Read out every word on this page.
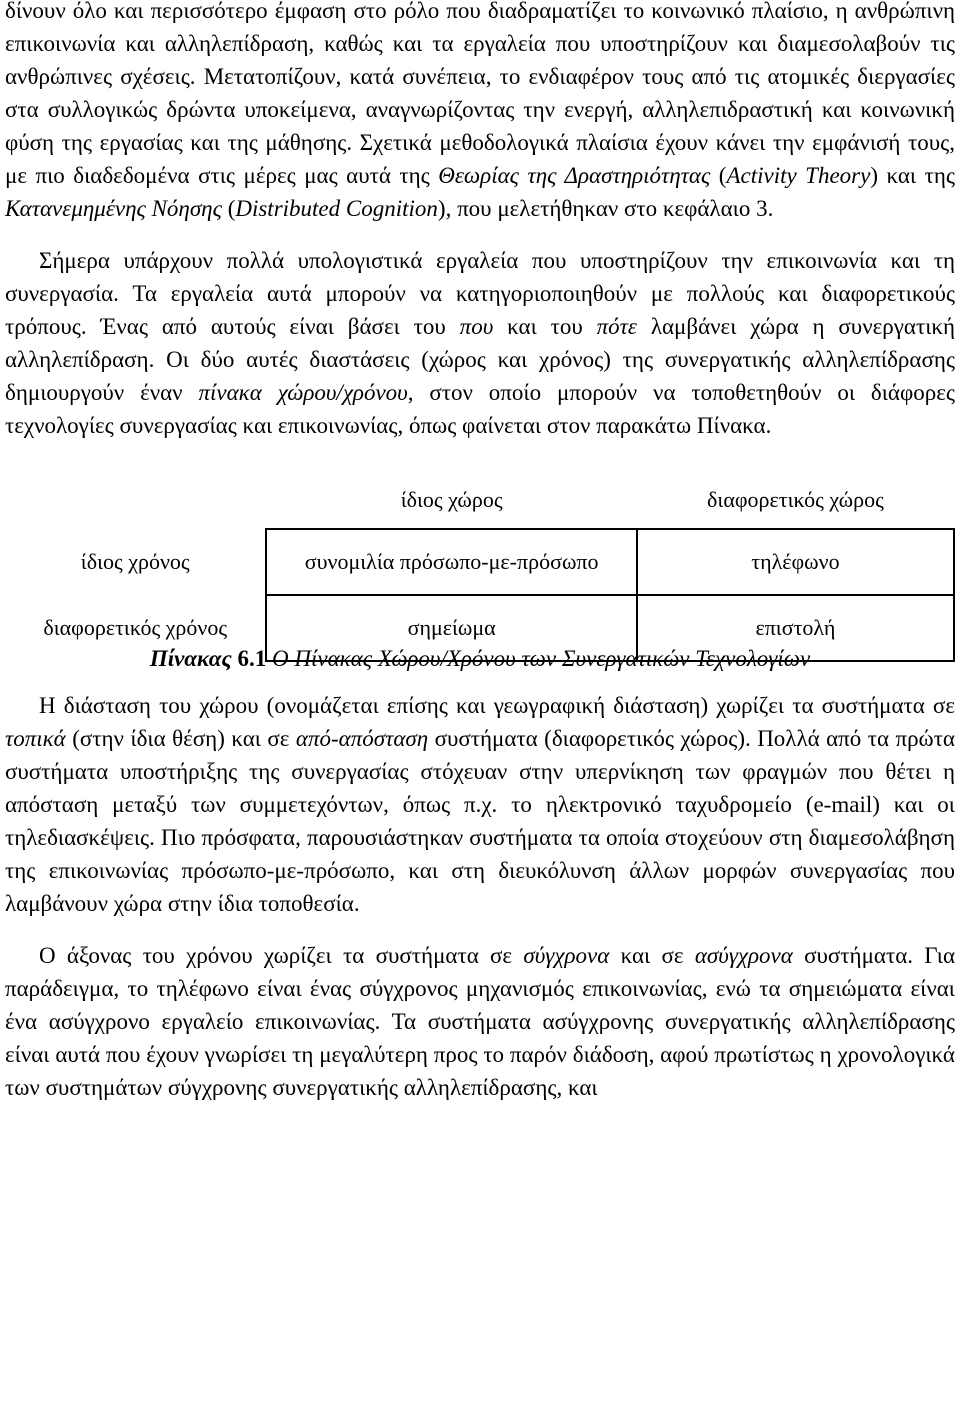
δίνουν όλο και περισσότερο έμφαση στο ρόλο που διαδραματίζει το κοινωνικό πλαίσιο, η ανθρώπινη επικοινωνία και αλληλεπίδραση, καθώς και τα εργαλεία που υποστηρίζουν και διαμεσολαβούν τις ανθρώπινες σχέσεις. Μετατοπίζουν, κατά συνέπεια, το ενδιαφέρον τους από τις ατομικές διεργασίες στα συλλογικώς δρώντα υποκείμενα, αναγνωρίζοντας την ενεργή, αλληλεπιδραστική και κοινωνική φύση της εργασίας και της μάθησης. Σχετικά μεθοδολογικά πλαίσια έχουν κάνει την εμφάνισή τους, με πιο διαδεδομένα στις μέρες μας αυτά της Θεωρίας της Δραστηριότητας (Activity Theory) και της Κατανεμημένης Νόησης (Distributed Cognition), που μελετήθηκαν στο κεφάλαιο 3.

Σήμερα υπάρχουν πολλά υπολογιστικά εργαλεία που υποστηρίζουν την επικοινωνία και τη συνεργασία. Τα εργαλεία αυτά μπορούν να κατηγοριοποιηθούν με πολλούς και διαφορετικούς τρόπους. Ένας από αυτούς είναι βάσει του που και του πότε λαμβάνει χώρα η συνεργατική αλληλεπίδραση. Οι δύο αυτές διαστάσεις (χώρος και χρόνος) της συνεργατικής αλληλεπίδρασης δημιουργούν έναν πίνακα χώρου/χρόνου, στον οποίο μπορούν να τοποθετηθούν οι διάφορες τεχνολογίες συνεργασίας και επικοινωνίας, όπως φαίνεται στον παρακάτω Πίνακα.

	ίδιος χώρος	διαφορετικός χώρος
ίδιος χρόνος	συνομιλία πρόσωπο-με-πρόσωπο	τηλέφωνο
διαφορετικός χρόνος	σημείωμα	επιστολή
Πίνακας 6.1 Ο Πίνακας Χώρου/Χρόνου των Συνεργατικών Τεχνολογίων

Η διάσταση του χώρου (ονομάζεται επίσης και γεωγραφική διάσταση) χωρίζει τα συστήματα σε τοπικά (στην ίδια θέση) και σε από-απόσταση συστήματα (διαφορετικός χώρος). Πολλά από τα πρώτα συστήματα υποστήριξης της συνεργασίας στόχευαν στην υπερνίκηση των φραγμών που θέτει η απόσταση μεταξύ των συμμετεχόντων, όπως π.χ. το ηλεκτρονικό ταχυδρομείο (e-mail) και οι τηλεδιασκέψεις. Πιο πρόσφατα, παρουσιάστηκαν συστήματα τα οποία στοχεύουν στη διαμεσολάβηση της επικοινωνίας πρόσωπο-με-πρόσωπο, και στη διευκόλυνση άλλων μορφών συνεργασίας που λαμβάνουν χώρα στην ίδια τοποθεσία.

Ο άξονας του χρόνου χωρίζει τα συστήματα σε σύγχρονα και σε ασύγχρονα συστήματα. Για παράδειγμα, το τηλέφωνο είναι ένας σύγχρονος μηχανισμός επικοινωνίας, ενώ τα σημειώματα είναι ένα ασύγχρονο εργαλείο επικοινωνίας. Τα συστήματα ασύγχρονης συνεργατικής αλληλεπίδρασης είναι αυτά που έχουν γνωρίσει τη μεγαλύτερη προς το παρόν διάδοση, αφού πρωτίστως η χρονολογικά των συστημάτων σύγχρονης συνεργατικής αλληλεπίδρασης, και
